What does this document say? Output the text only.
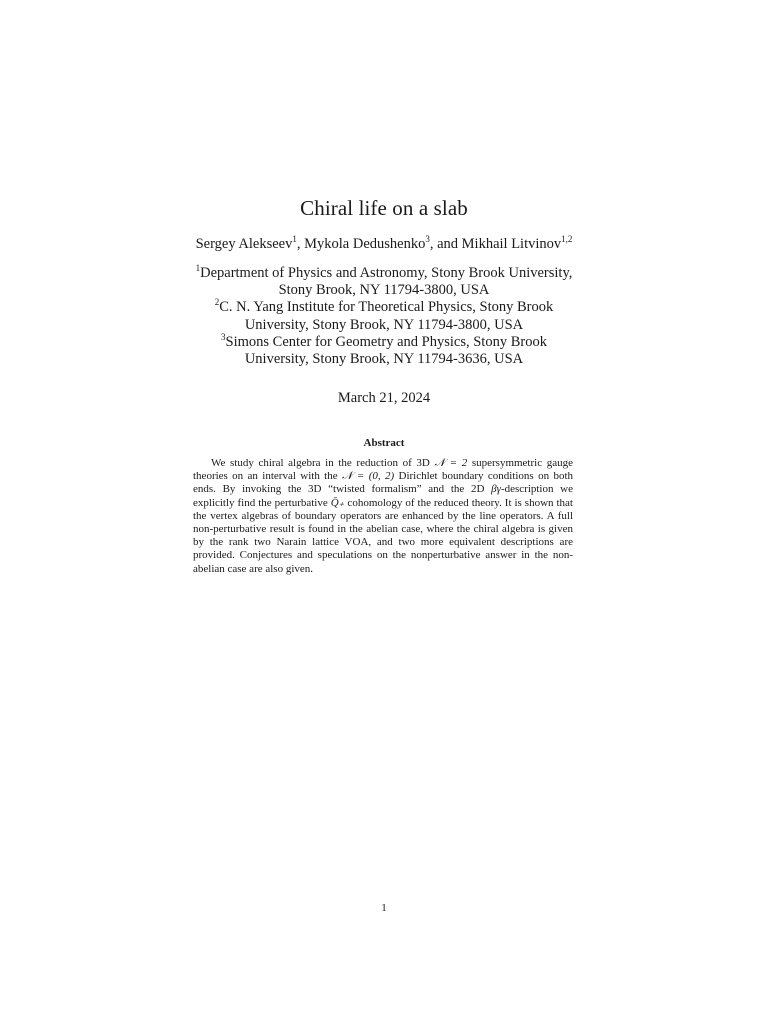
Chiral life on a slab
Sergey Alekseev$^1$, Mykola Dedushenko$^3$, and Mikhail Litvinov$^{1,2}$

$^1$Department of Physics and Astronomy, Stony Brook University,
Stony Brook, NY 11794-3800, USA

$^2$C. N. Yang Institute for Theoretical Physics, Stony Brook
University, Stony Brook, NY 11794-3800, USA

$^3$Simons Center for Geometry and Physics, Stony Brook
University, Stony Brook, NY 11794-3636, USA

March 21, 2024
Abstract

We study chiral algebra in the reduction of 3D 𝒩 = 2 supersymmetric gauge theories on an interval with the 𝒩 = (0, 2) Dirichlet boundary conditions on both ends. By invoking the 3D “twisted formalism” and the 2D βγ-description we explicitly find the perturbative Q̄₊ cohomology of the reduced theory. It is shown that the vertex algebras of boundary operators are enhanced by the line operators. A full non-perturbative result is found in the abelian case, where the chiral algebra is given by the rank two Narain lattice VOA, and two more equivalent descriptions are provided. Conjectures and speculations on the nonperturbative answer in the non-abelian case are also given.

1
